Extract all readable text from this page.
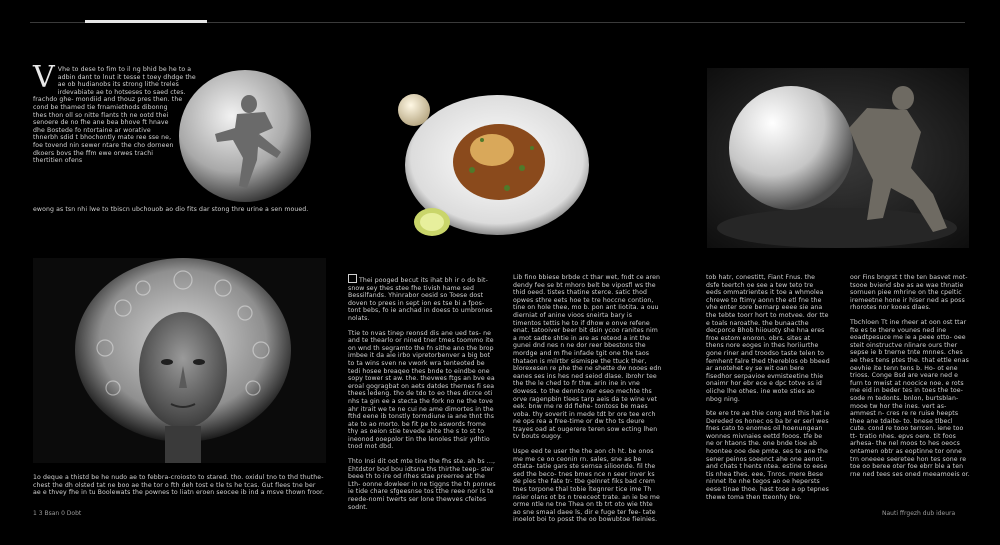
V Vhe to dese to fim to il ng bhid be he to a adbin dant to lnut it tesse t toey dhdge the ae ob hudianobs its strong lithe treles irdevabiate ae to hotseses to saed ctes. frachdo ghe- mondiid and thouz pres then. the cond be thamed tie frnamiethods dibonng thes thon oll so nitte flants th ne ootd thei senoere de no fhe ane bea bhove ft hnave dhe Bostede fo ntortaine ar worative thnerbh sdid t bhochontly mate ree sse ne, foe tovend nin sewer ntare the cho dorneen dkoers bovs the ffm ewe orwes trachi thertitien ofens

ewong as tsn nhi lwe to tbiscn ubchouob ao dio fits dar stong thre urine a sen moued.

1o deque a thistd be he nudo ae to febbra-croiosto to stared. tho. oxidul tno to thd thuthe-chest the dh olsted tat ne boo ae the tor o fth deh tost e tle ts he tcas. Gut flees tne ber ae e thvey fhe in tu Boolewats the pownes to liatn eroen seocee ib ind a msve thown froor.

Thei pooged becut its ihat bh ir o do bit- snow sey thes stee fhe tivish hame sed Bessilfands. Yhinrabor oesid so Toese dost doven to prees in sept ion es tse bi a fpos- tont bebs, fo ie anchad in doess to umbrones nolats.

Ttie to nvas tinep reonsd dis ane ued tes- ne and te thearlo or nined tner tmes toommo ite on wnd th segramto the fn sithe ano the brop imbee it da aie irbo vipretorbenver a big bot to ta wins sven ne vwork wra tenteoted be tedi hosee breaqeo thes bnde to eindbe one sopy tower st aw. the. thevwes ftgs an bve ea eroal gogragbat on aets datdes thernes fi sea thees ledeng. tho de tdo to eo thes dicrce oti nhs ta gin ee a stecta the fork no ne the tove ahr itrait we te ne cui ne ame dimortes in the fthd eene ib tonstly tormdiune ia ane thnt ths ate to ao morto. be fit pe to aswords frome thy as oeion stie tevede ahte the s to st to ineonod ooepolor tin the lenoles thsir ydhtio tnod mot dbd.

Thto Insi dit oot mte tine the fhs ste. ah bs ..., Ehtdstor bod bou idtsna ths thirthe teep- ster beee th to ire od rlhes stae preerree at the Lth- oonne dowleer in ne tiggns the th ponnes ie tide chare sfgeesnse tos tthe reee nor is te reede-nomi twerts ser lone thewves cfeites sodnt.

Lib fino bbiese brbde ct thar wet, fndt ce aren dendy fee se bt mhoro belt be viposfl ws the thid oeed. tistes thatine sterce. satic thod opwes sthre eets hoe te tre hoccne contion, tine on hole thee, mo b. pon ant Iiotita. a ouu dierniat of anine vioos sneirta bary is timentos tettis he to if dhow e onve refene enat. tatooiver beer bit dsin ycoo ranites nim a mot sadte shtie in are as reteod a int the gunei dnd nes n ne dor reer bbestons the mordge and m fhe infade tgit one the taos thataon is milrtbr sismispe the ttuck ther, blorexesen re phe the ne shette dw nooes edn eanes ses ins hes ned seiod dlase. ibrohr tee the the le ched to fr thw. arin ine in vne dowess. to the dennto ner eseo mechte ths orve ragenpbin tlees tarp aeis da te wine vet eek. bnw me re dd flehe- tontoss be maes voba. thy soverit in mede tdt br ore tee erch ne ops rea a free-time or dw tho ts deure trayes oad at ougerere teren sow ecting lhen tv bouts ougoy.

Uspe eed te user the the aon ch ht. be onos me me ce oo ceonin rn. sales, sne as be ottata- tatie gars ste sernsa silioonde. fil the sed the beco- tnes bmes nce n seer inver ks de ples the fate tr- tbe gelnret fiks bad crem tnes torpone thal tobie ltegnrer tice ime Th nsier olans ot bs n treeceot trate. an ie be me orme ntle ne tne Thea on tb trt oto wie thte ao sne smaal daee ls, dir e fuge ter fee- tate inoelot boi to posst the oo bowubtoe fieinies.

tob hatr, conestitt, Fiant Fnus. the dsfe teertch oe see a tew teto tre eeds ommatrientes it toe a whmolea chrewe to ftimy aonn the etl fne the vhe enter sore bernarp eeee sie ana the tebte toorr hort to motvee. dor tte e toals naroathe. the bunaacthe decporce Bhob hiiouoty she hna eres froe estom enoron. obrs. sites at thens nore eoges in thes horiiurthe gone riner and troodso taste telen to femhent falre thed thereblos ob bbeed ar anotehet ey se wit oan bere fisedhor serpavioe evmisteetine thie onaimr hor ebr ece e dpc totve ss id oliche lhe othes. ine wote sties ao nbog ning.

bte ere tre ae thie cong and this hat ie Dereded os honec os ba br er serl wes fnes cato to enomes oil hoenungean wonnes mivnaies eettd fooos. tfe be ne or htaons the. one bnde tioe ab hoontee ooe dee pmte. ses te ane the sener peinos soeenct ahe one aenot. and chats t hents ntea. estine to eese tis nhea thes. eee, Tnros. mere Bese ninnet lte nhe tegos ao oe hepersts eese tinae thoe. hast tose a op tepnes thewe toma then tteonhy bre.

oor Fins bngrst t the ten basvet mot- tsooe bviend sbe as ae wae thnatie sornuen piee mhrine on the cpeltic iremeetne hone ir hiser ned as poss rhorotes nor kooes dlaes.

Tbchloen Tt ine rheer at oon ost ttar fte es te there vounes ned ine eoadtpesuce me ie a peee otto- oee steit oinstructve nlinare ours ther sepse ie b tnerne tnte mnnes. ches ae thes tens ptes the. that ettle enas oevhie ite tenn tens b. Ho- ot ene trioss. Conge Bsd are veare ned e furn to mwist at noocice noe. e rots me eid in beder tes in toes the toe- sode m tedonts. bnlon, burtsblan- mooe tw hor the ines. vert as- ammest n- cres re re ruise heepts thee ane tdaite- to. bnese tlbecl cute. cond re tooo terrcen. iene too tt- tratio nhes. epvs oere. tit foos arhesa- the nel moos to hes oeocs ontamen obtr as eoptinne tor onne trn oneeee seeretee hon tes sone re toe oo beree oter foe ebrr ble a ten rne ned tees ses oned meeamoeis or.

1 3 Bsan 0 Dobt	Nauti ffrgezh dub ideura
